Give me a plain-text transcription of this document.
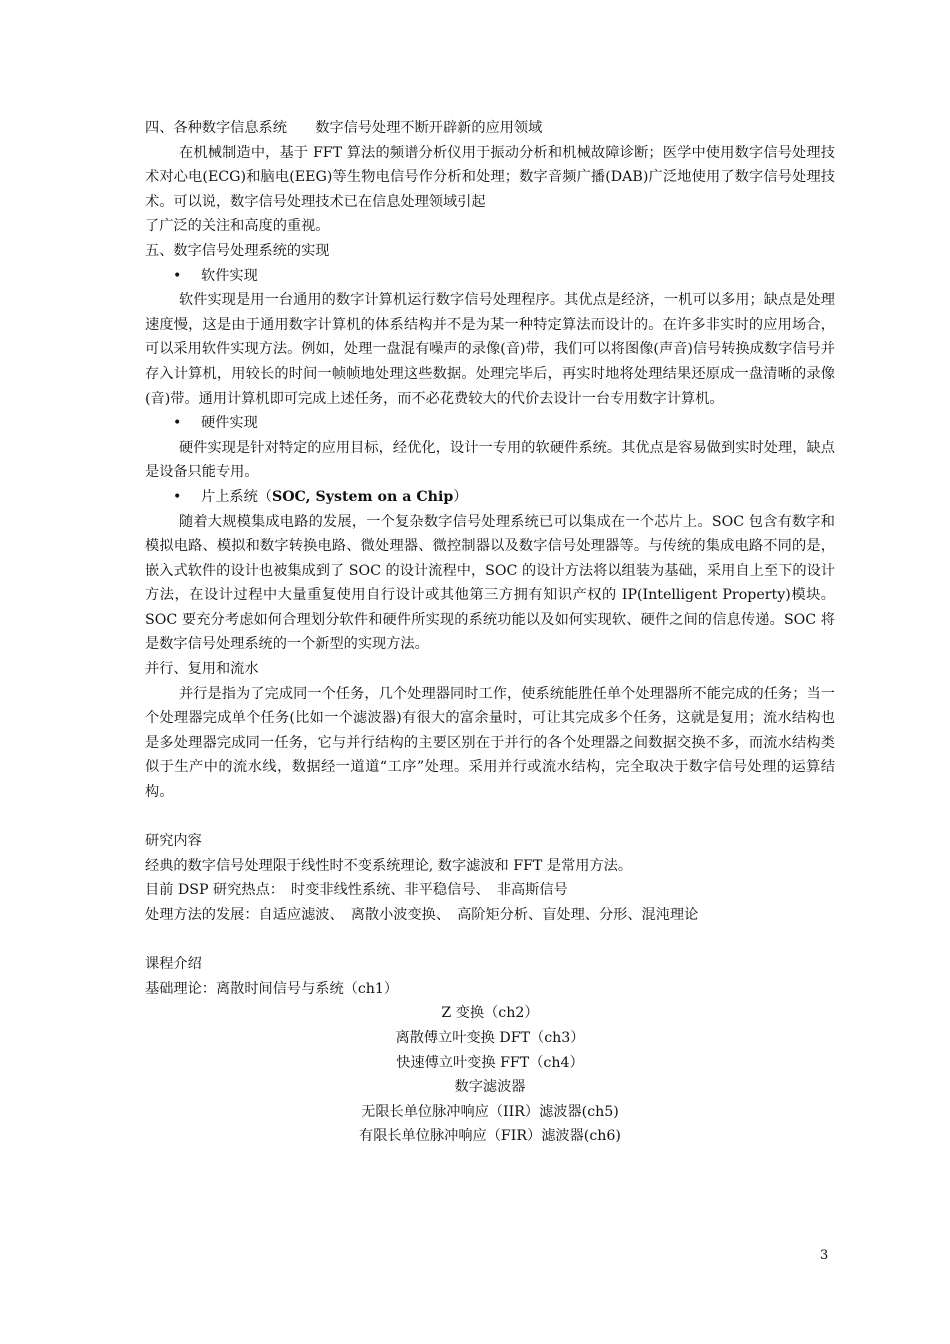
四、各种数字信息系统　　数字信号处理不断开辟新的应用领域
在机械制造中，基于 FFT 算法的频谱分析仪用于振动分析和机械故障诊断；医学中使用数字信号处理技术对心电(ECG)和脑电(EEG)等生物电信号作分析和处理；数字音频广播(DAB)广泛地使用了数字信号处理技术。可以说，数字信号处理技术已在信息处理领域引起
了广泛的关注和高度的重视。
五、数字信号处理系统的实现
• 软件实现
软件实现是用一台通用的数字计算机运行数字信号处理程序。其优点是经济，一机可以多用；缺点是处理速度慢，这是由于通用数字计算机的体系结构并不是为某一种特定算法而设计的。在许多非实时的应用场合，可以采用软件实现方法。例如，处理一盘混有噪声的录像(音)带，我们可以将图像(声音)信号转换成数字信号并存入计算机，用较长的时间一帧帧地处理这些数据。处理完毕后，再实时地将处理结果还原成一盘清晰的录像(音)带。通用计算机即可完成上述任务，而不必花费较大的代价去设计一台专用数字计算机。
• 硬件实现
硬件实现是针对特定的应用目标，经优化，设计一专用的软硬件系统。其优点是容易做到实时处理，缺点是设备只能专用。
• 片上系统（SOC, System on a Chip）
随着大规模集成电路的发展，一个复杂数字信号处理系统已可以集成在一个芯片上。SOC 包含有数字和模拟电路、模拟和数字转换电路、微处理器、微控制器以及数字信号处理器等。与传统的集成电路不同的是，嵌入式软件的设计也被集成到了 SOC 的设计流程中，SOC 的设计方法将以组装为基础，采用自上至下的设计方法，在设计过程中大量重复使用自行设计或其他第三方拥有知识产权的 IP(Intelligent Property)模块。SOC 要充分考虑如何合理划分软件和硬件所实现的系统功能以及如何实现软、硬件之间的信息传递。SOC 将是数字信号处理系统的一个新型的实现方法。
并行、复用和流水
并行是指为了完成同一个任务，几个处理器同时工作，使系统能胜任单个处理器所不能完成的任务；当一个处理器完成单个任务(比如一个滤波器)有很大的富余量时，可让其完成多个任务，这就是复用；流水结构也是多处理器完成同一任务，它与并行结构的主要区别在于并行的各个处理器之间数据交换不多，而流水结构类似于生产中的流水线，数据经一道道“工序”处理。采用并行或流水结构，完全取决于数字信号处理的运算结构。
研究内容
经典的数字信号处理限于线性时不变系统理论, 数字滤波和 FFT 是常用方法。
目前 DSP 研究热点：　时变非线性系统、非平稳信号、　非高斯信号
处理方法的发展：自适应滤波、　离散小波变换、　高阶矩分析、盲处理、分形、混沌理论
课程介绍
基础理论：离散时间信号与系统（ch1）
Z 变换（ch2）
离散傅立叶变换 DFT（ch3）
快速傅立叶变换 FFT（ch4）
数字滤波器
无限长单位脉冲响应（IIR）滤波器(ch5)
有限长单位脉冲响应（FIR）滤波器(ch6)
3
